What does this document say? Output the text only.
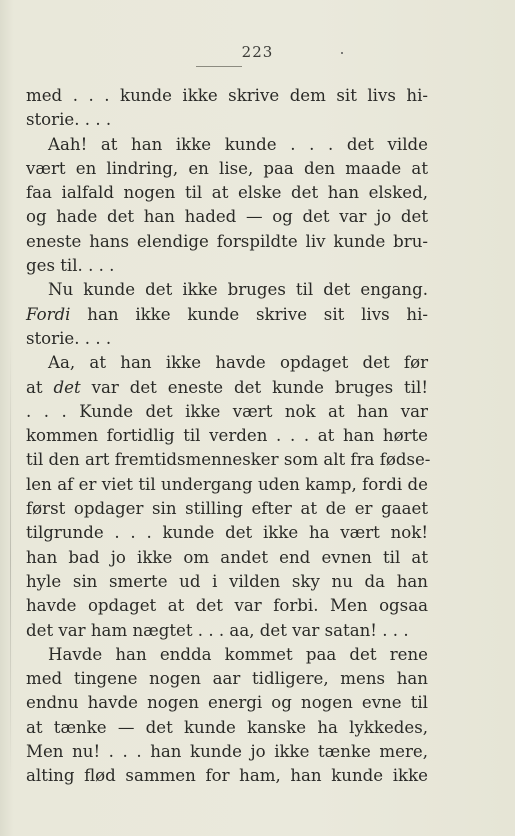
223
med . . . kunde ikke skrive dem sit livs hi-
storie. . . .
Aah! at han ikke kunde . . . det vilde
vært en lindring, en lise, paa den maade at
faa ialfald nogen til at elske det han elsked,
og hade det han haded — og det var jo det
eneste hans elendige forspildte liv kunde bru-
ges til. . . .
Nu kunde det ikke bruges til det engang.
Fordi han ikke kunde skrive sit livs hi-
storie. . . .
Aa, at han ikke havde opdaget det før
at det var det eneste det kunde bruges til!
. . . Kunde det ikke vært nok at han var
kommen fortidlig til verden . . . at han hørte
til den art fremtidsmennesker som alt fra fødse-
len af er viet til undergang uden kamp, fordi de
først opdager sin stilling efter at de er gaaet
tilgrunde . . . kunde det ikke ha vært nok!
han bad jo ikke om andet end evnen til at
hyle sin smerte ud i vilden sky nu da han
havde opdaget at det var forbi. Men ogsaa
det var ham nægtet . . . aa, det var satan! . . .
Havde han endda kommet paa det rene
med tingene nogen aar tidligere, mens han
endnu havde nogen energi og nogen evne til
at tænke — det kunde kanske ha lykkedes,
Men nu! . . . han kunde jo ikke tænke mere,
alting flød sammen for ham, han kunde ikke
